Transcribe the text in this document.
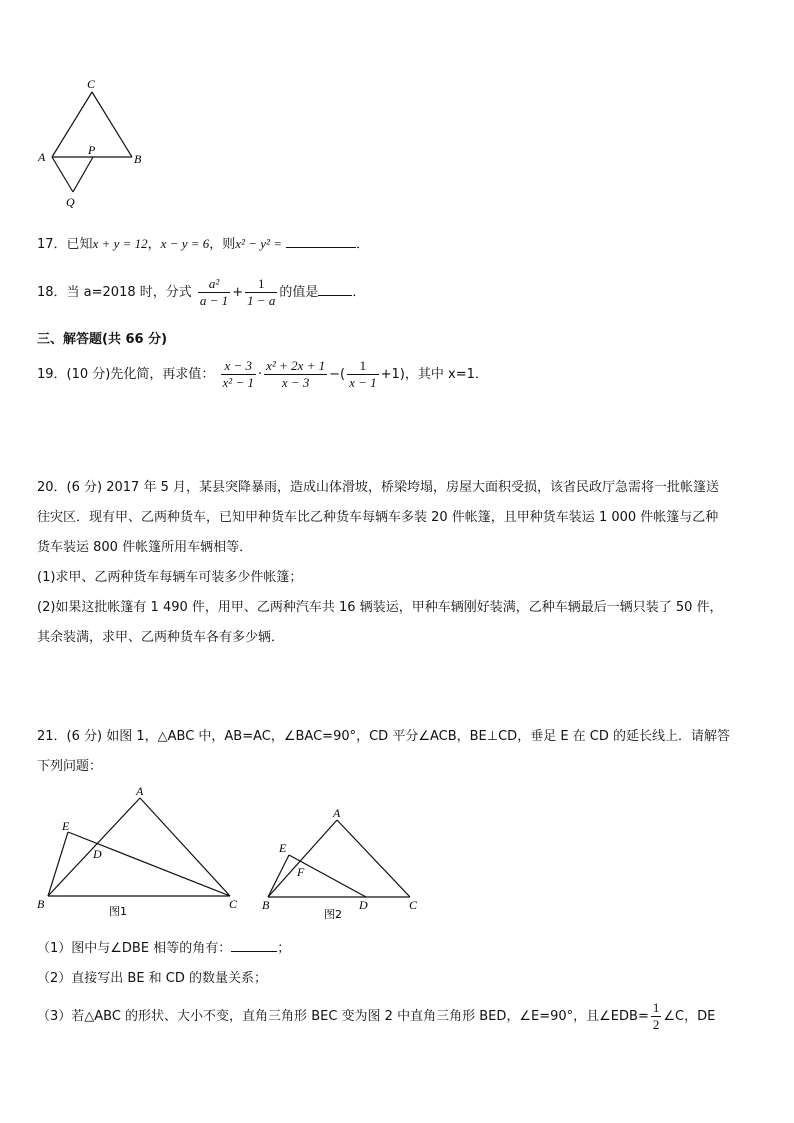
C
A	B
P
Q
17．已知x + y = 12，x − y = 6，则x² − y² =	．
18．当 a=2018 时，分式 $\frac{\text{a²}}{a - 1} + \frac{1}{1 - a}$ 的值是	．
三、解答题(共 66 分)
19．(10 分)先化简，再求值： $\frac{x - 3}{\text{x² − 1}} \cdot \frac{\text{x² + 2x + 1}}{x - 3}$ −( $\frac{1}{x - 1} +1$)，其中 x=1．
20．(6 分) 2017 年 5 月，某县突降暴雨，造成山体滑坡，桥梁垮塌，房屋大面积受损，该省民政厅急需将一批帐篷送
往灾区．现有甲、乙两种货车，已知甲种货车比乙种货车每辆车多装 20 件帐篷，且甲种货车装运 1 000 件帐篷与乙种
货车装运 800 件帐篷所用车辆相等．
(1)求甲、乙两种货车每辆车可装多少件帐篷；
(2)如果这批帐篷有 1 490 件，用甲、乙两种汽车共 16 辆装运，甲种车辆刚好装满，乙种车辆最后一辆只装了 50 件，
其余装满，求甲、乙两种货车各有多少辆．
21．(6 分) 如图 1，△ABC 中，AB=AC，∠BAC=90°，CD 平分∠ACB，BE⊥CD，垂足 E 在 CD 的延长线上．请解答
下列问题：
A
E
D
B	C
图1
A
E
F
B	D	C
图2
（1）图中与∠DBE 相等的角有：	；
（2）直接写出 BE 和 CD 的数量关系；
（3）若△ABC 的形状、大小不变，直角三角形 BEC 变为图 2 中直角三角形 BED，∠E=90°，且∠EDB= $\frac{1}{2}$ ∠C，DE
